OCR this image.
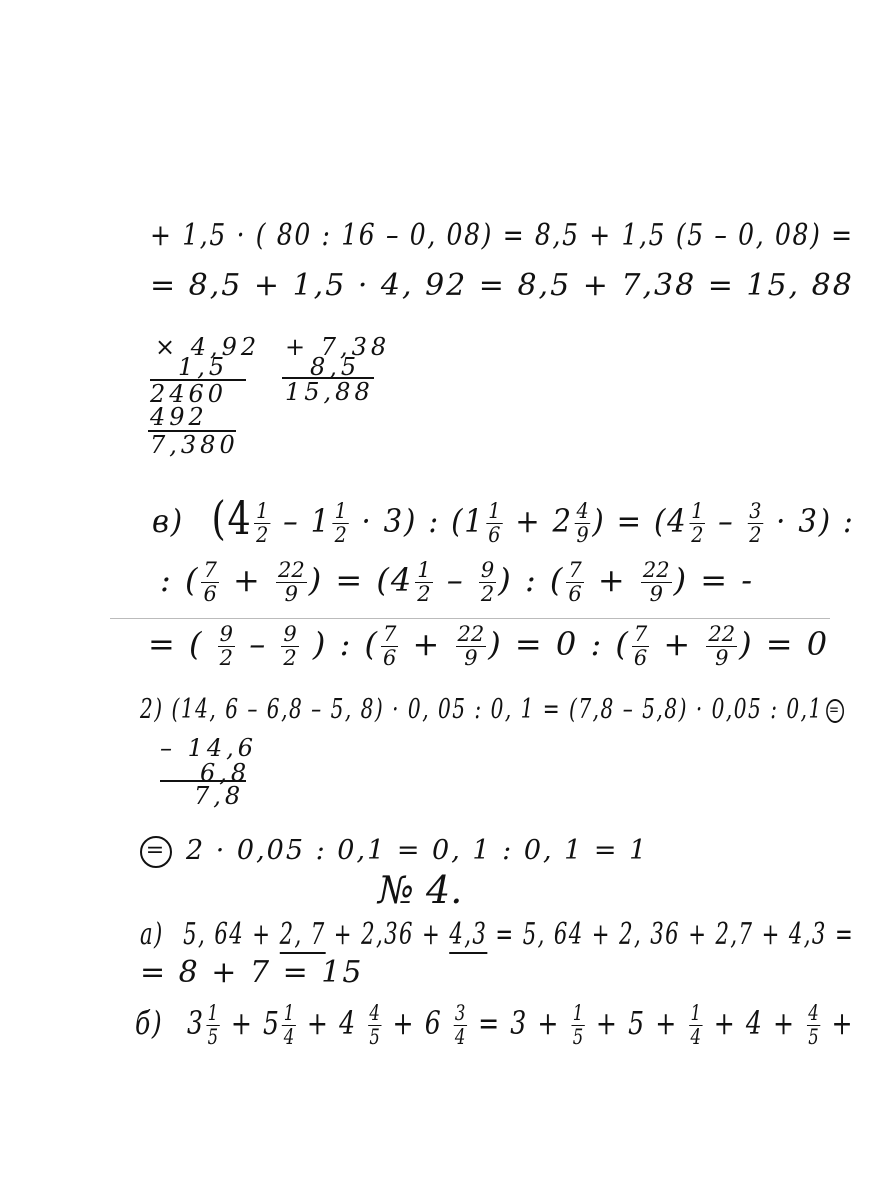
+ 1,5 · ( 80 : 16 – 0, 08) = 8,5 + 1,5 (5 – 0, 08) =
= 8,5 + 1,5 · 4, 92 = 8,5 + 7,38 = 15, 88
× 4,92
1,5
2460
492
7,380
+ 7,38
8,5
15,88
в) $(4 \frac{1}{2} - 1 \frac{1}{2} \cdot 3)$ : ($1 \frac{1}{6} + 2 \frac{4}{9}$ ) = $(4 \frac{1}{2} - \frac{3}{2} \cdot 3)$ :
: ( $\frac{7}{6} + \frac{22}{9}$ ) = ($4 \frac{1}{2} - \frac{9}{2}$ ) : ( $\frac{7}{6} + \frac{22}{9}$ ) = -
= ( $\frac{9}{2} - \frac{9}{2}$ ) : ( $\frac{7}{6} + \frac{22}{9}$ ) = 0 : ( $\frac{7}{6} + \frac{22}{9}$ ) = 0
2) (14, 6 – 6,8 – 5, 8) · 0, 05 : 0, 1 = (7,8 – 5,8) · 0,05 : 0,1 =
– 14,6
6,8
7,8
= 2 · 0,05 : 0,1 = 0, 1 : 0, 1 = 1
№ 4.
а) 5, 64 + 2, 7 + 2,36 + 4,3 = 5, 64 + 2, 36 + 2,7 + 4,3 =
= 8 + 7 = 15
б) $3 \frac{1}{5} + 5 \frac{1}{4} + 4 \frac{4}{5} + 6 \frac{3}{4} = 3 + \frac{1}{5} + 5 + \frac{1}{4} + 4 + \frac{4}{5}$ +
